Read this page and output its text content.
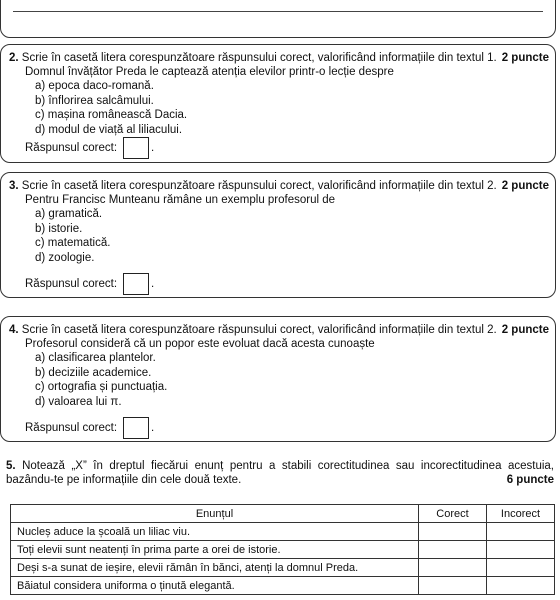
2. Scrie în casetă litera corespunzătoare răspunsului corect, valorificând informațiile din textul 1. 2 puncte
Domnul învățător Preda le captează atenția elevilor printr-o lecție despre
a) epoca daco-romană.
b) înflorirea salcâmului.
c) mașina românească Dacia.
d) modul de viață al liliacului.
Răspunsul corect:	.
3. Scrie în casetă litera corespunzătoare răspunsului corect, valorificând informațiile din textul 2. 2 puncte
Pentru Francisc Munteanu rămâne un exemplu profesorul de
a) gramatică.
b) istorie.
c) matematică.
d) zoologie.
Răspunsul corect:	.
4. Scrie în casetă litera corespunzătoare răspunsului corect, valorificând informațiile din textul 2. 2 puncte
Profesorul consideră că un popor este evoluat dacă acesta cunoaște
a) clasificarea plantelor.
b) deciziile academice.
c) ortografia și punctuația.
d) valoarea lui π.
Răspunsul corect:	.
5. Notează „X” în dreptul fiecărui enunț pentru a stabili corectitudinea sau incorectitudinea acestuia,
bazându-te pe informațiile din cele două texte.	6 puncte
Enunțul	Corect	Incorect
Nucleș aduce la școală un liliac viu.		
Toți elevii sunt neatenți în prima parte a orei de istorie.		
Deși s-a sunat de ieșire, elevii rămân în bănci, atenți la domnul Preda.		
Băiatul considera uniforma o ținută elegantă.		
